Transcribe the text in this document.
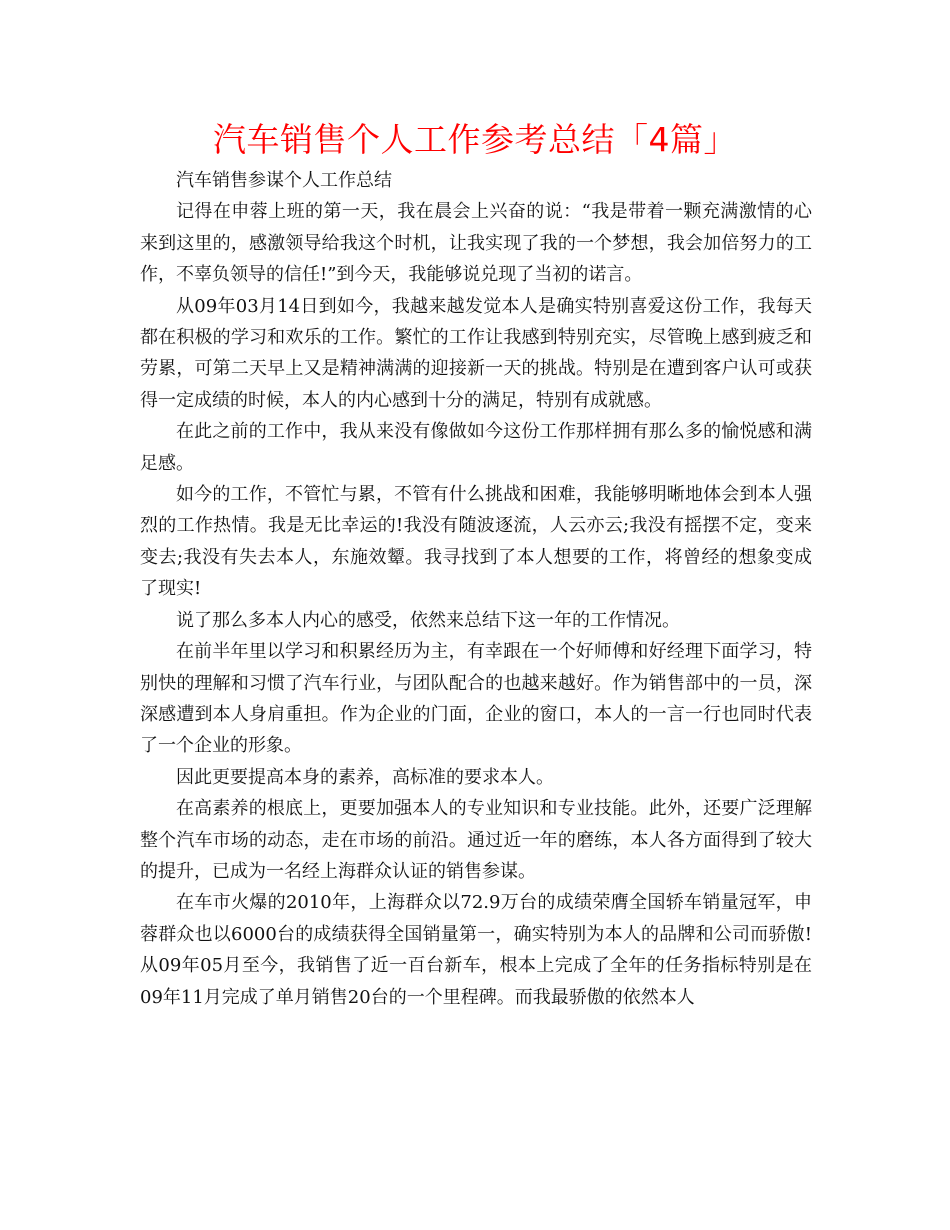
汽车销售个人工作参考总结「4篇」

汽车销售参谋个人工作总结

记得在申蓉上班的第一天，我在晨会上兴奋的说：“我是带着一颗充满激情的心来到这里的，感激领导给我这个时机，让我实现了我的一个梦想，我会加倍努力的工作，不辜负领导的信任!”到今天，我能够说兑现了当初的诺言。

从09年03月14日到如今，我越来越发觉本人是确实特别喜爱这份工作，我每天都在积极的学习和欢乐的工作。繁忙的工作让我感到特别充实，尽管晚上感到疲乏和劳累，可第二天早上又是精神满满的迎接新一天的挑战。特别是在遭到客户认可或获得一定成绩的时候，本人的内心感到十分的满足，特别有成就感。

在此之前的工作中，我从来没有像做如今这份工作那样拥有那么多的愉悦感和满足感。

如今的工作，不管忙与累，不管有什么挑战和困难，我能够明晰地体会到本人强烈的工作热情。我是无比幸运的!我没有随波逐流，人云亦云;我没有摇摆不定，变来变去;我没有失去本人，东施效颦。我寻找到了本人想要的工作，将曾经的想象变成了现实!

说了那么多本人内心的感受，依然来总结下这一年的工作情况。

在前半年里以学习和积累经历为主，有幸跟在一个好师傅和好经理下面学习，特别快的理解和习惯了汽车行业，与团队配合的也越来越好。作为销售部中的一员，深深感遭到本人身肩重担。作为企业的门面，企业的窗口，本人的一言一行也同时代表了一个企业的形象。

因此更要提高本身的素养，高标准的要求本人。

在高素养的根底上，更要加强本人的专业知识和专业技能。此外，还要广泛理解整个汽车市场的动态，走在市场的前沿。通过近一年的磨练，本人各方面得到了较大的提升，已成为一名经上海群众认证的销售参谋。

在车市火爆的2010年，上海群众以72.9万台的成绩荣膺全国轿车销量冠军，申蓉群众也以6000台的成绩获得全国销量第一，确实特别为本人的品牌和公司而骄傲!从09年05月至今，我销售了近一百台新车，根本上完成了全年的任务指标特别是在09年11月完成了单月销售20台的一个里程碑。而我最骄傲的依然本人
